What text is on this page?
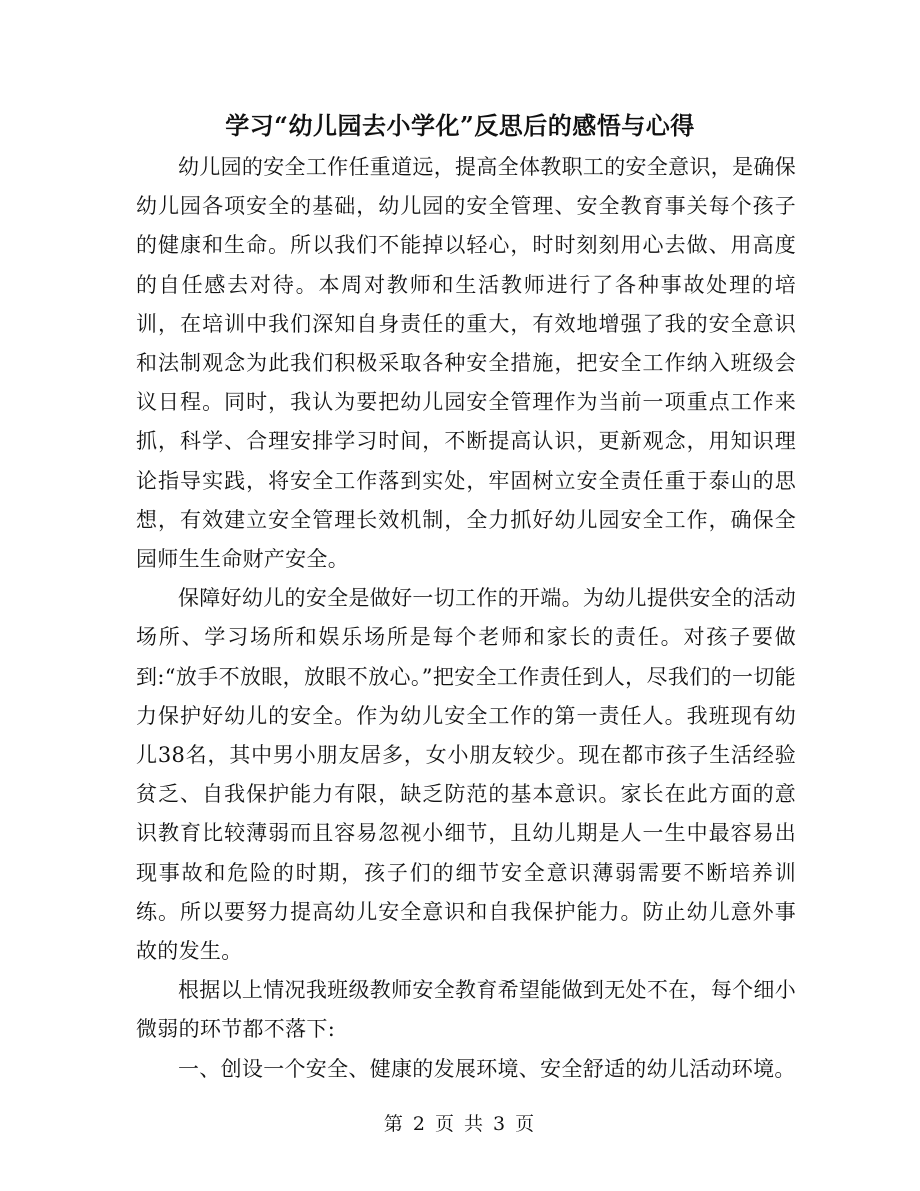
学习“幼儿园去小学化”反思后的感悟与心得

幼儿园的安全工作任重道远，提高全体教职工的安全意识，是确保幼儿园各项安全的基础，幼儿园的安全管理、安全教育事关每个孩子的健康和生命。所以我们不能掉以轻心，时时刻刻用心去做、用高度的自任感去对待。本周对教师和生活教师进行了各种事故处理的培训，在培训中我们深知自身责任的重大，有效地增强了我的安全意识和法制观念为此我们积极采取各种安全措施，把安全工作纳入班级会议日程。同时，我认为要把幼儿园安全管理作为当前一项重点工作来抓，科学、合理安排学习时间，不断提高认识，更新观念，用知识理论指导实践，将安全工作落到实处，牢固树立安全责任重于泰山的思想，有效建立安全管理长效机制，全力抓好幼儿园安全工作，确保全园师生生命财产安全。

保障好幼儿的安全是做好一切工作的开端。为幼儿提供安全的活动场所、学习场所和娱乐场所是每个老师和家长的责任。对孩子要做到:“放手不放眼，放眼不放心。”把安全工作责任到人，尽我们的一切能力保护好幼儿的安全。作为幼儿安全工作的第一责任人。我班现有幼儿38名，其中男小朋友居多，女小朋友较少。现在都市孩子生活经验贫乏、自我保护能力有限，缺乏防范的基本意识。家长在此方面的意识教育比较薄弱而且容易忽视小细节，且幼儿期是人一生中最容易出现事故和危险的时期，孩子们的细节安全意识薄弱需要不断培养训练。所以要努力提高幼儿安全意识和自我保护能力。防止幼儿意外事故的发生。

根据以上情况我班级教师安全教育希望能做到无处不在，每个细小微弱的环节都不落下:

一、创设一个安全、健康的发展环境、安全舒适的幼儿活动环境。

第 2 页 共 3 页
